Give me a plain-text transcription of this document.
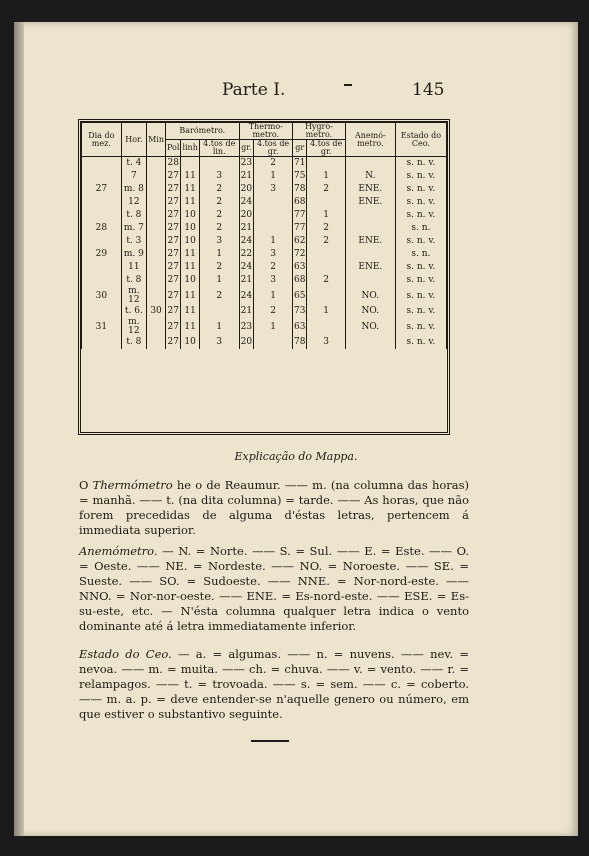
Parte I.	145
Dia do mez.	Hor.	Min	Barómetro.			Thermo-metro.		Hygró-metro.		Anemó-metro.	Estado do Ceo.
			Pol	linh	4.tos de lin.	gr.	4.tos de gr.	gr	4.tos de gr.		
	t. 4		28			23	2	71			s. n. v.
	7		27	11	3	21	1	75	1	N.	s. n. v.
27	m. 8		27	11	2	20	3	78	2	ENE.	s. n. v.
	12		27	11	2	24		68		ENE.	s. n. v.
	t. 8		27	10	2	20		77	1		s. n. v.
28	m. 7		27	10	2	21		77	2		s. n.
	t. 3		27	10	3	24	1	62	2	ENE.	s. n. v.
29	m. 9		27	11	1	22	3	72			s. n.
	11		27	11	2	24	2	63		ENE.	s. n. v.
	t. 8		27	10	1	21	3	68	2		s. n. v.
30	m. 12		27	11	2	24	1	65		NO.	s. n. v.
	t. 6.	30	27	11		21	2	73	1	NO.	s. n. v.
31	m. 12		27	11	1	23	1	63		NO.	s. n. v.
	t. 8		27	10	3	20		78	3		s. n. v.
Explicação do Mappa.
O Thermómetro he o de Reaumur. —— m. (na columna das horas) = manhã. —— t. (na dita columna) = tarde. —— As horas, que não forem precedidas de alguma d'éstas letras, pertencem á immediata superior.
Anemómetro. — N. = Norte. —— S. = Sul. —— E. = Este. —— O. = Oeste. —— NE. = Nordeste. —— NO. = Noroeste. —— SE. = Sueste. —— SO. = Sudoeste. —— NNE. = Nor-nord-este. —— NNO. = Nor-nor-oeste. —— ENE. = Es-nord-este. —— ESE. = Es-su-este, etc. — N'ésta columna qualquer letra indica o vento dominante até á letra immediatamente inferior.
Estado do Ceo. — a. = algumas. —— n. = nuvens. —— nev. = nevoa. —— m. = muita. —— ch. = chuva. —— v. = vento. —— r. = relampagos. —— t. = trovoada. —— s. = sem. —— c. = coberto. —— m. a. p. = deve entender-se n'aquelle genero ou número, em que estiver o substantivo seguinte.
